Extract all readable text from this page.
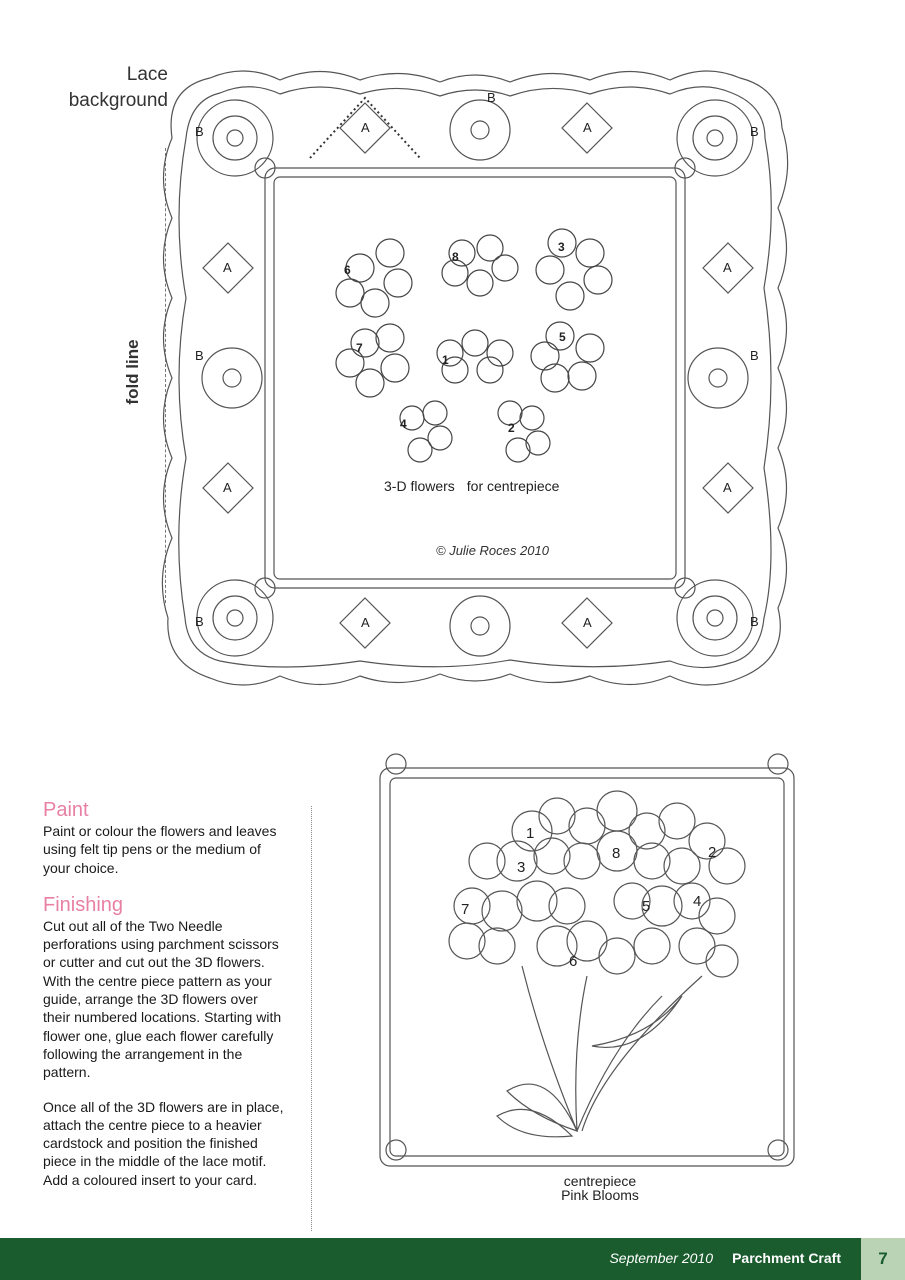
Lace
background
fold line
6
8
3
7
1
5
4	2
A	A
A	A
A	A
A	A
B
B
B
B	B
B	B
3-D flowers for centrepiece
© Julie Roces 2010
Paint

Paint or colour the flowers and leaves using felt tip pens or the medium of your choice.

Finishing

Cut out all of the Two Needle perforations using parchment scissors or cutter and cut out the 3D flowers. With the centre piece pattern as your guide, arrange the 3D flowers over their numbered locations. Starting with flower one, glue each flower carefully following the arrangement in the pattern.

Once all of the 3D flowers are in place, attach the centre piece to a heavier cardstock and position the finished piece in the middle of the lace motif. Add a coloured insert to your card.

1
2
3
4
5
6
7
8
centrepiece
Pink Blooms
September 2010 Parchment Craft	7
